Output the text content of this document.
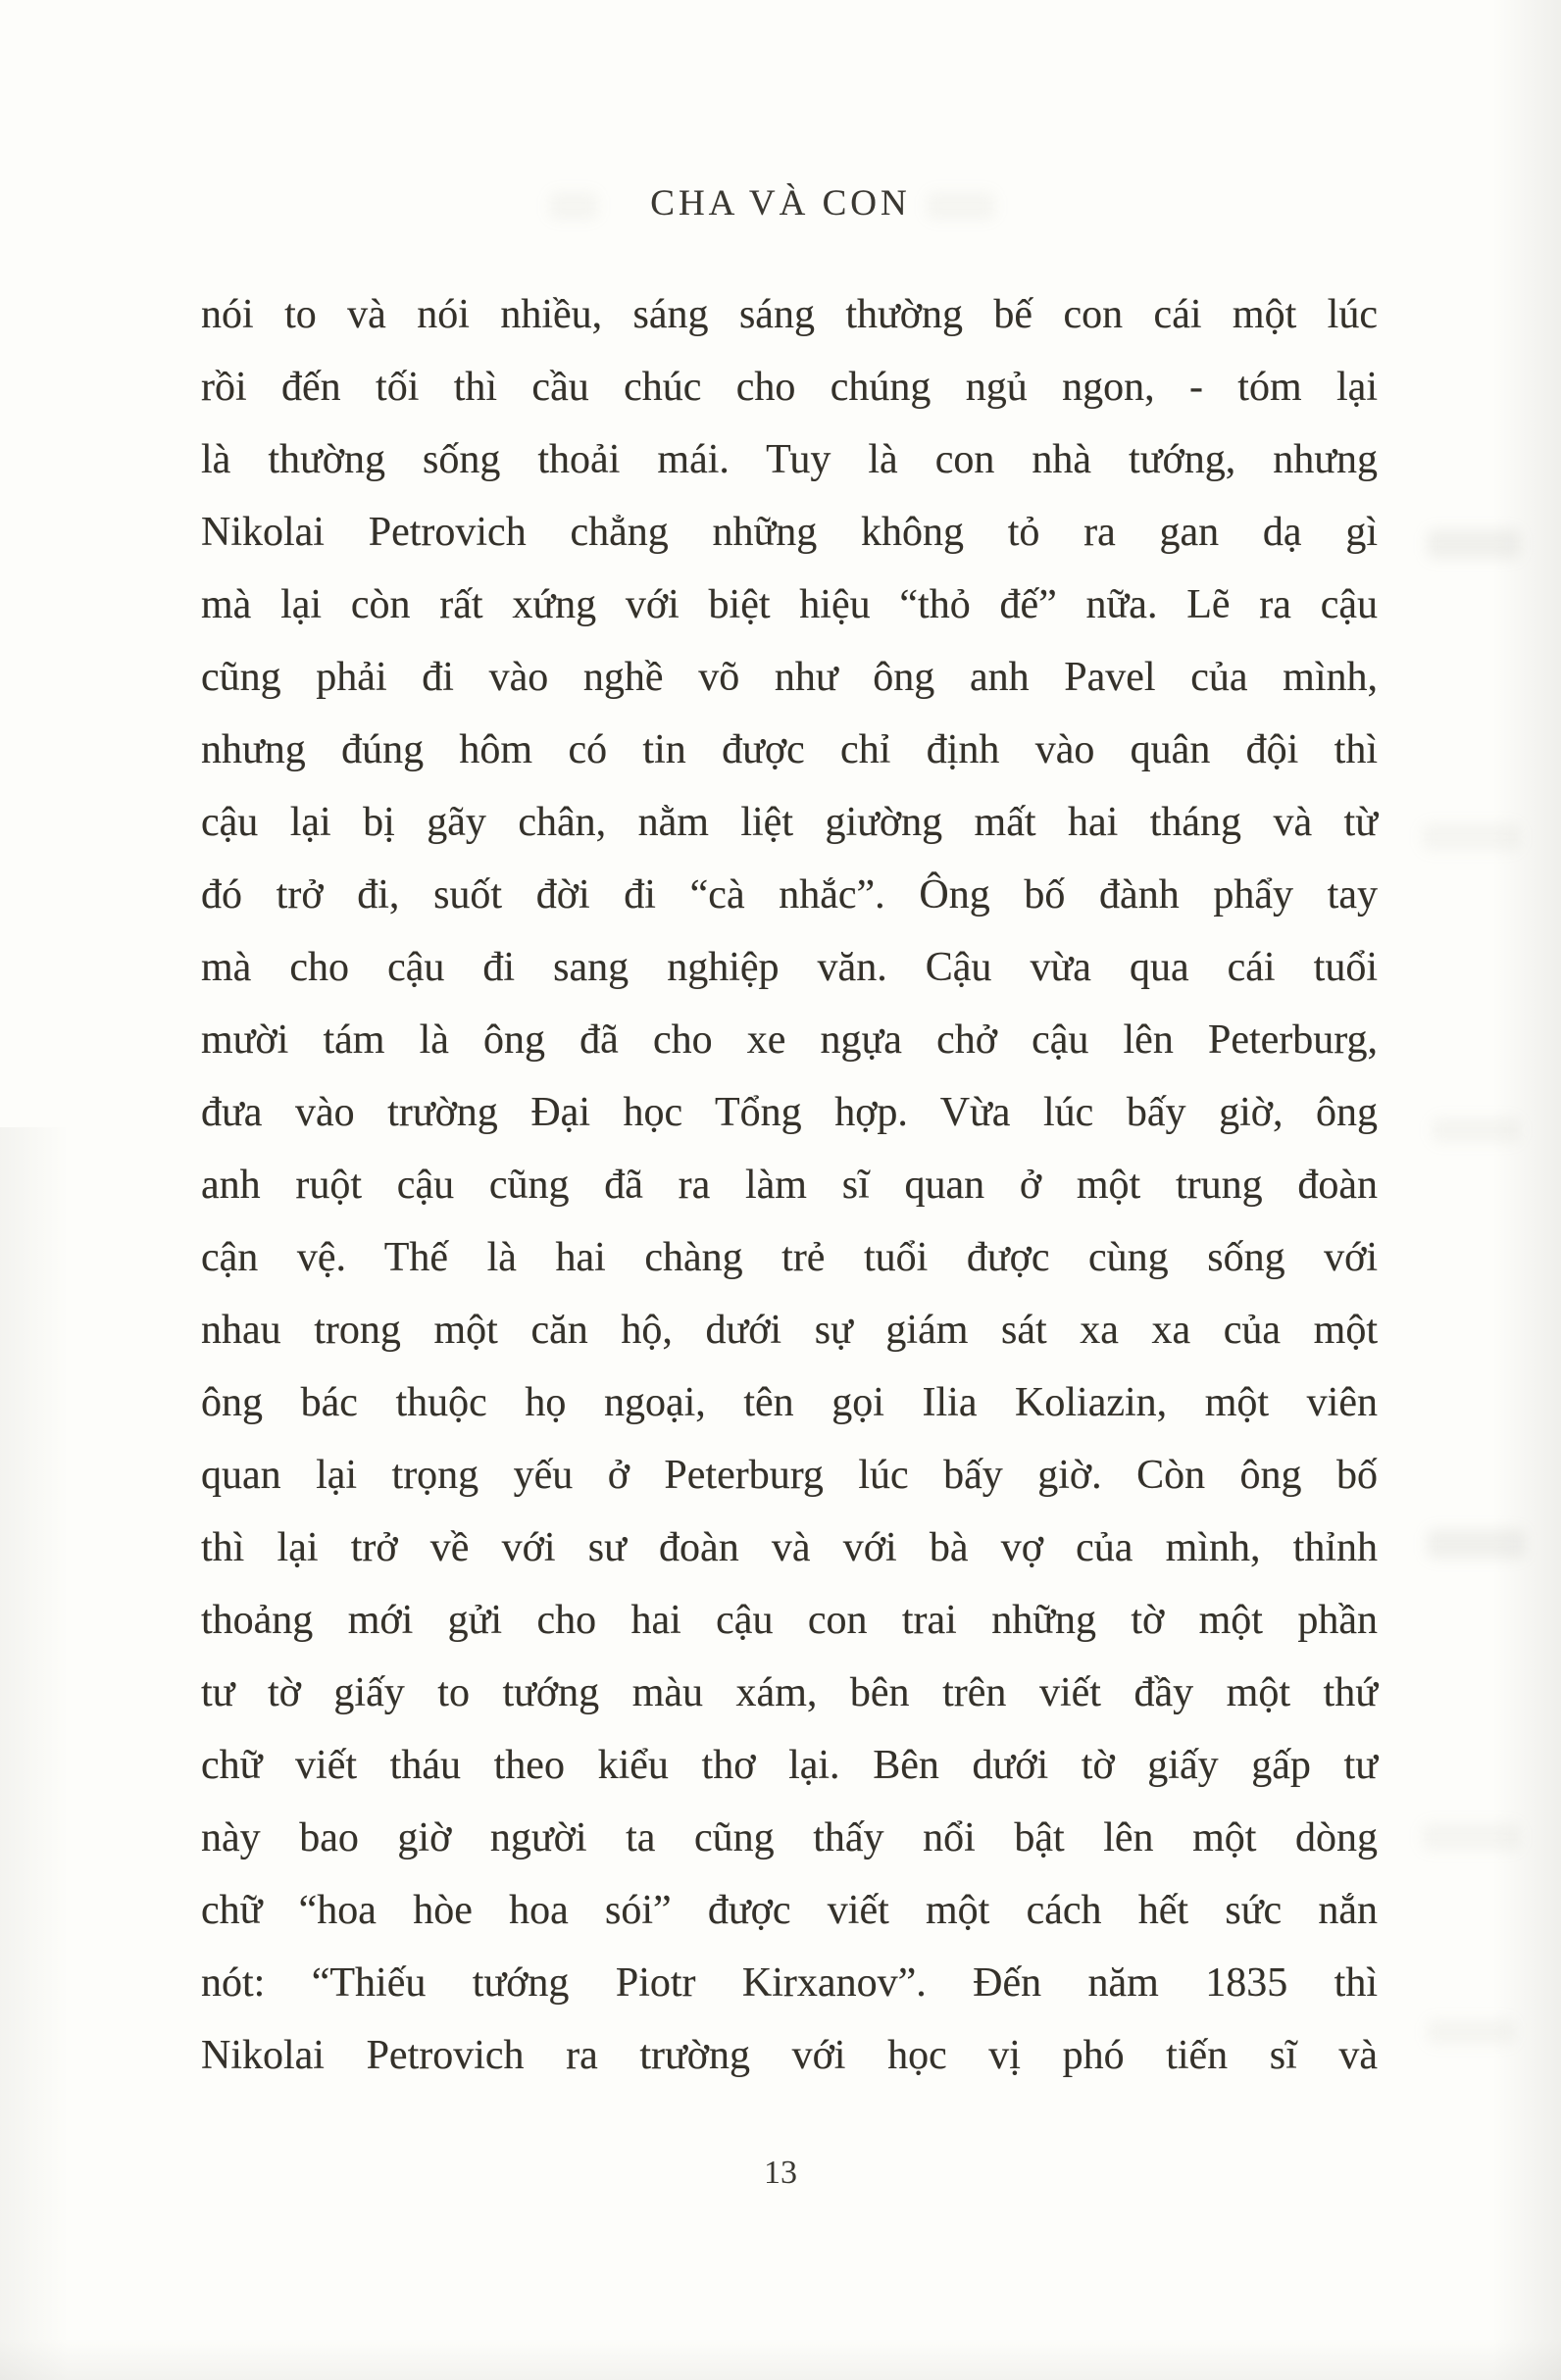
CHA VÀ CON
nói to và nói nhiều, sáng sáng thường bế con cái một lúc
rồi đến tối thì cầu chúc cho chúng ngủ ngon, - tóm lại
là thường sống thoải mái. Tuy là con nhà tướng, nhưng
Nikolai Petrovich chẳng những không tỏ ra gan dạ gì
mà lại còn rất xứng với biệt hiệu “thỏ đế” nữa. Lẽ ra cậu
cũng phải đi vào nghề võ như ông anh Pavel của mình,
nhưng đúng hôm có tin được chỉ định vào quân đội thì
cậu lại bị gãy chân, nằm liệt giường mất hai tháng và từ
đó trở đi, suốt đời đi “cà nhắc”. Ông bố đành phẩy tay
mà cho cậu đi sang nghiệp văn. Cậu vừa qua cái tuổi
mười tám là ông đã cho xe ngựa chở cậu lên Peterburg,
đưa vào trường Đại học Tổng hợp. Vừa lúc bấy giờ, ông
anh ruột cậu cũng đã ra làm sĩ quan ở một trung đoàn
cận vệ. Thế là hai chàng trẻ tuổi được cùng sống với
nhau trong một căn hộ, dưới sự giám sát xa xa của một
ông bác thuộc họ ngoại, tên gọi Ilia Koliazin, một viên
quan lại trọng yếu ở Peterburg lúc bấy giờ. Còn ông bố
thì lại trở về với sư đoàn và với bà vợ của mình, thỉnh
thoảng mới gửi cho hai cậu con trai những tờ một phần
tư tờ giấy to tướng màu xám, bên trên viết đầy một thứ
chữ viết tháu theo kiểu thơ lại. Bên dưới tờ giấy gấp tư
này bao giờ người ta cũng thấy nổi bật lên một dòng
chữ “hoa hòe hoa sói” được viết một cách hết sức nắn
nót: “Thiếu tướng Piotr Kirxanov”. Đến năm 1835 thì
Nikolai Petrovich ra trường với học vị phó tiến sĩ và
13
